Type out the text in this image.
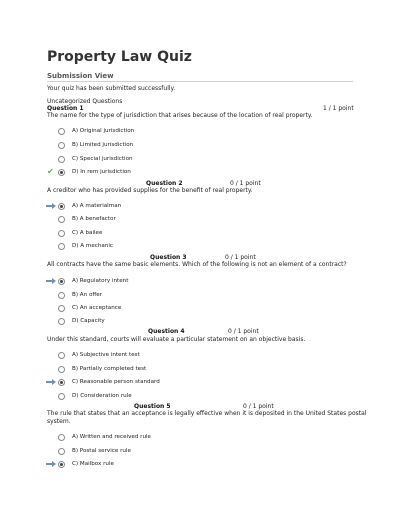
Property Law Quiz
Submission View
Your quiz has been submitted successfully.
Uncategorized Questions
Question 1	1 / 1 point
The name for the type of jurisdiction that arises because of the location of real property.
A) Original jurisdiction
B) Limited jurisdiction
C) Special jurisdiction
✔	D) In rem jurisdiction
Question 2	0 / 1 point
A creditor who has provided supplies for the benefit of real property.
A) A materialman
B) A benefactor
C) A bailee
D) A mechanic
Question 3	0 / 1 point
All contracts have the same basic elements. Which of the following is not an element of a contract?
A) Regulatory intent
B) An offer
C) An acceptance
D) Capacity
Question 4	0 / 1 point
Under this standard, courts will evaluate a particular statement on an objective basis.
A) Subjective intent test
B) Partially completed test
C) Reasonable person standard
D) Consideration rule
Question 5	0 / 1 point
The rule that states that an acceptance is legally effective when it is deposited in the United States postal
system.
A) Written and received rule
B) Postal service rule
C) Mailbox rule
